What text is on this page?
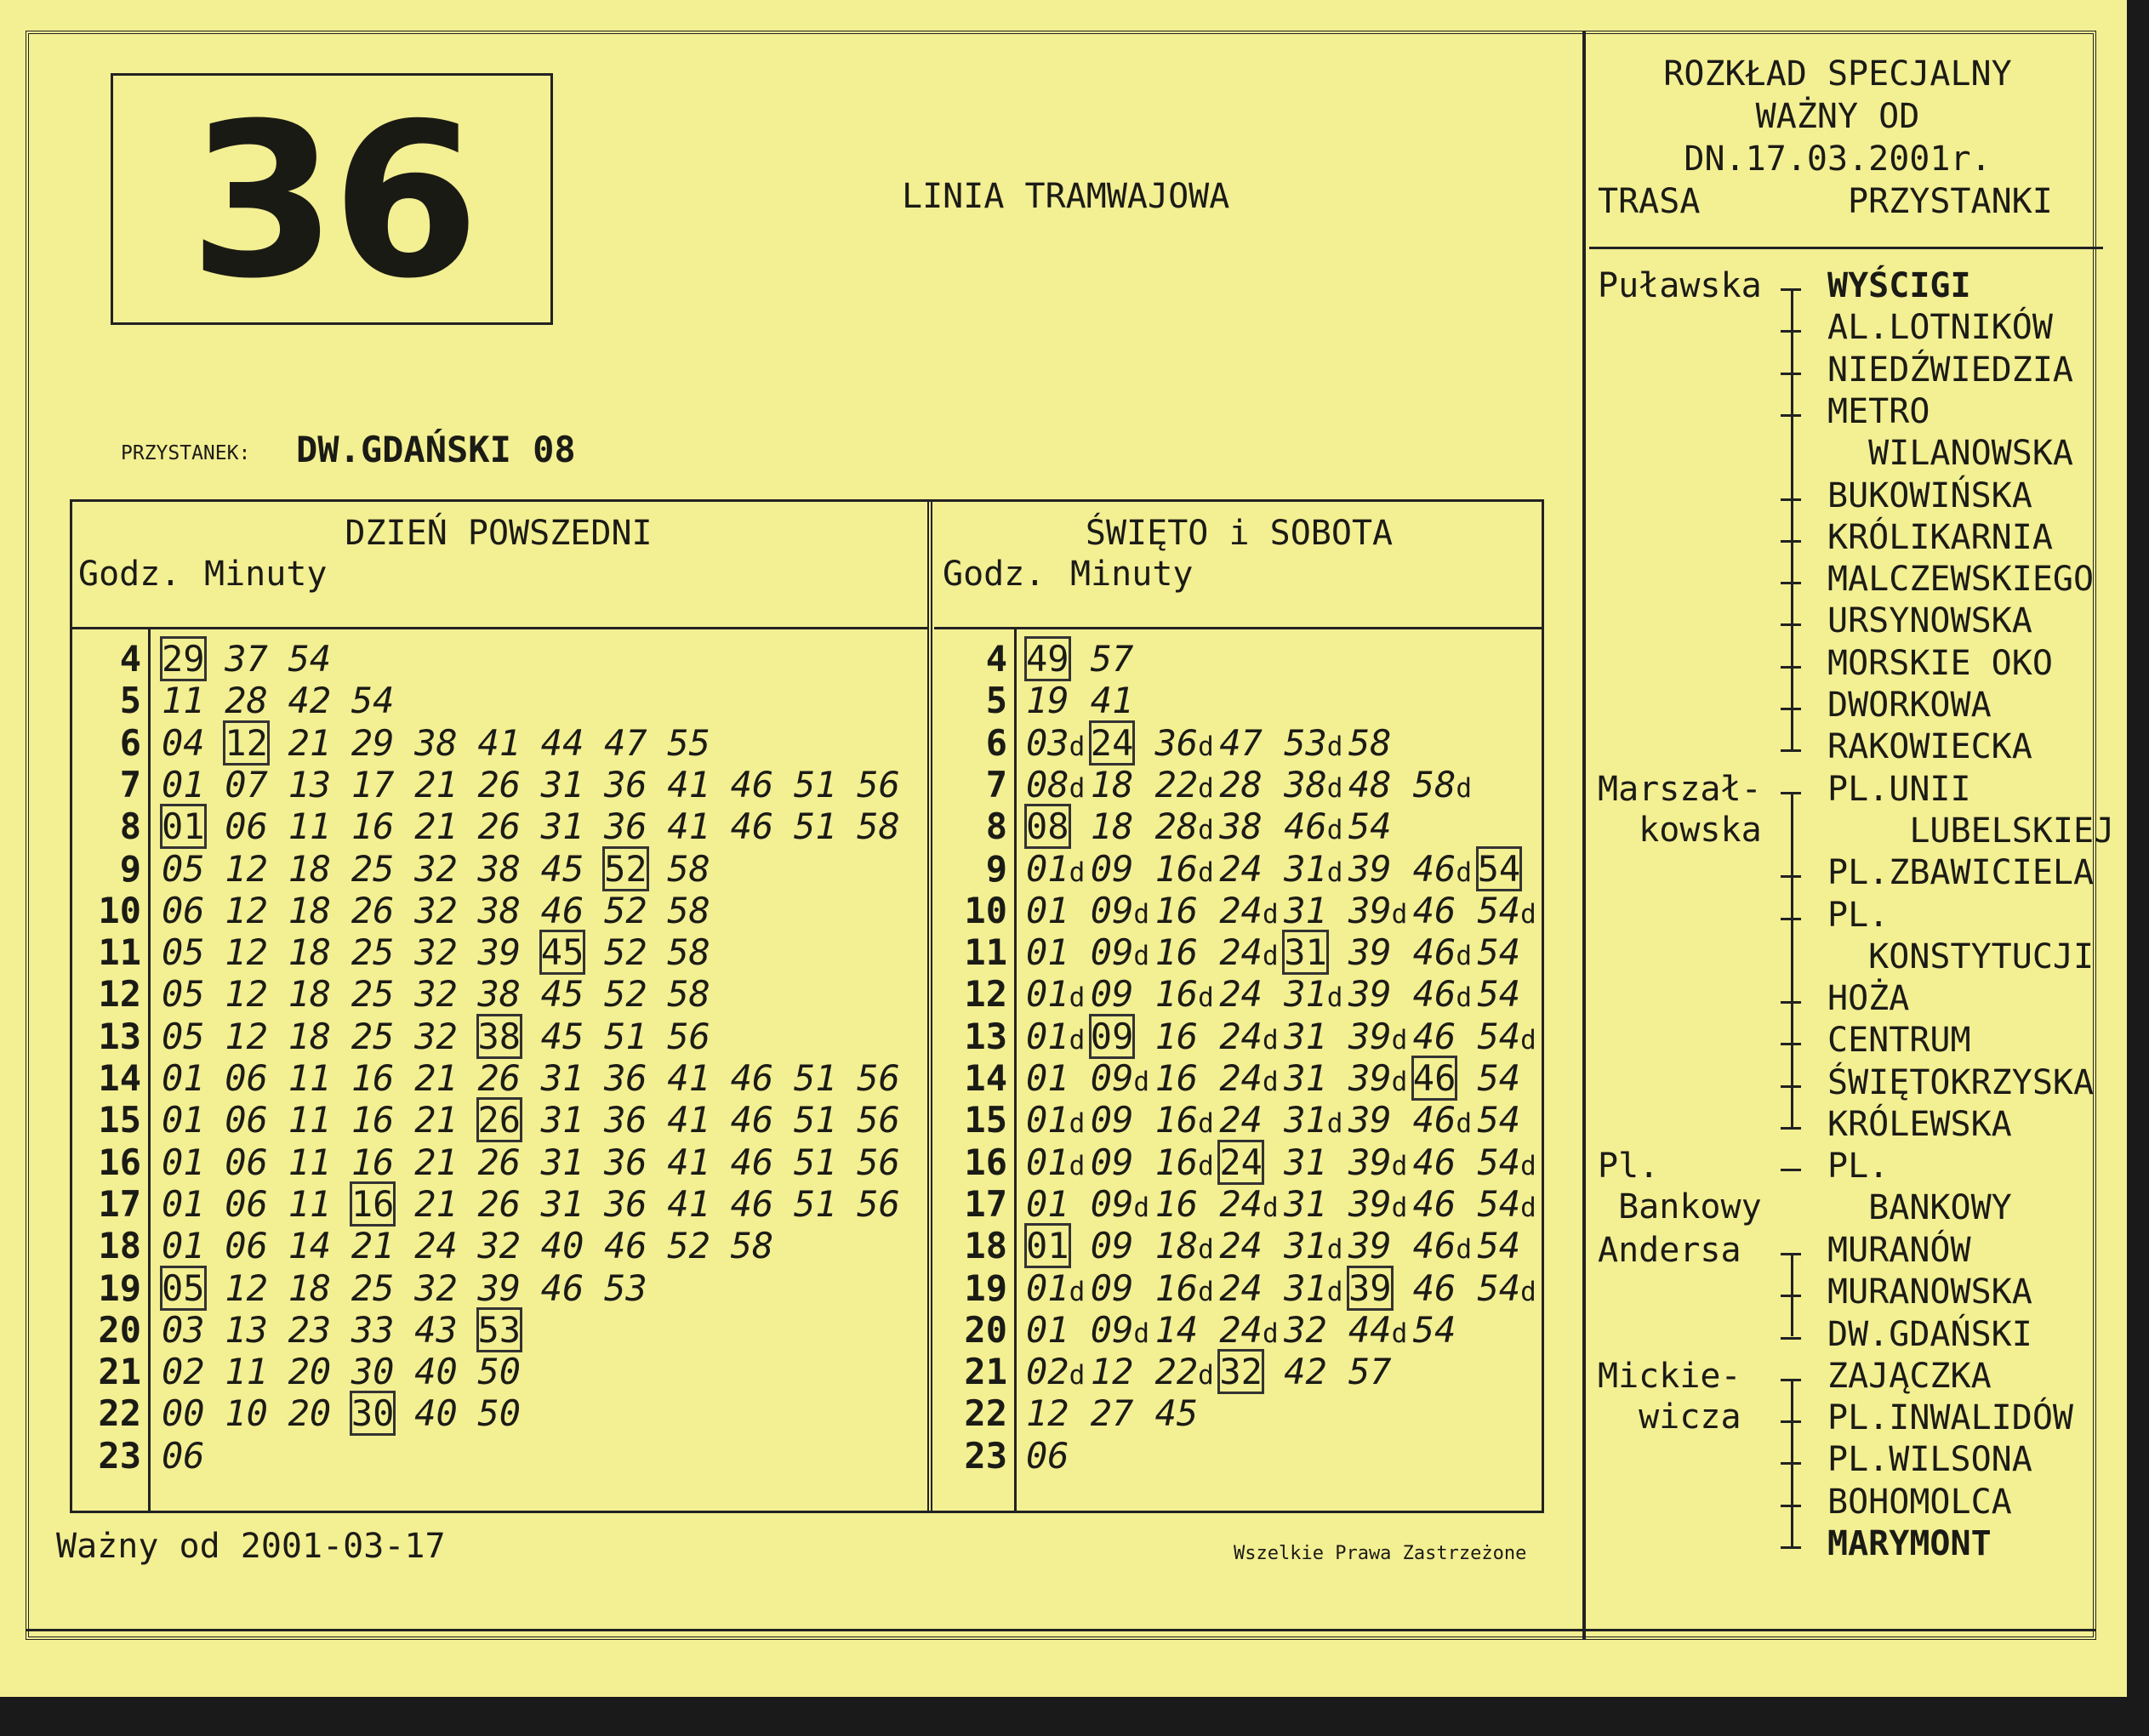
36	LINIA TRAMWAJOWA
PRZYSTANEK: DW.GDAŃSKI 08
DZIEŃ POWSZEDNI
Godz. Minuty
ŚWIĘTO i SOBOTA
Godz. Minuty
4 29 37 54
5 11 28 42 54
6 04 12 21 29 38 41 44 47 55
7 01 07 13 17 21 26 31 36 41 46 51 56
8 01 06 11 16 21 26 31 36 41 46 51 58
9 05 12 18 25 32 38 45 52 58
10 06 12 18 26 32 38 46 52 58
11 05 12 18 25 32 39 45 52 58
12 05 12 18 25 32 38 45 52 58
13 05 12 18 25 32 38 45 51 56
14 01 06 11 16 21 26 31 36 41 46 51 56
15 01 06 11 16 21 26 31 36 41 46 51 56
16 01 06 11 16 21 26 31 36 41 46 51 56
17 01 06 11 16 21 26 31 36 41 46 51 56
18 01 06 14 21 24 32 40 46 52 58
19 05 12 18 25 32 39 46 53
20 03 13 23 33 43 53
21 02 11 20 30 40 50
22 00 10 20 30 40 50
23 06
4 49 57
5 19 41
6 03d 24 36d 47 53d 58
7 08d 18 22d 28 38d 48 58d
8 08 18 28d 38 46d 54
9 01d 09 16d 24 31d 39 46d 54
10 01 09d 16 24d 31 39d 46 54d
11 01 09d 16 24d 31 39 46d 54
12 01d 09 16d 24 31d 39 46d 54
13 01d 09 16 24d 31 39d 46 54d
14 01 09d 16 24d 31 39d 46 54
15 01d 09 16d 24 31d 39 46d 54
16 01d 09 16d 24 31 39d 46 54d
17 01 09d 16 24d 31 39d 46 54d
18 01 09 18d 24 31d 39 46d 54
19 01d 09 16d 24 31d 39 46 54d
20 01 09d 14 24d 32 44d 54
21 02d 12 22d 32 42 57
22 12 27 45
23 06
Ważny od 2001-03-17	Wszelkie Prawa Zastrzeżone
ROZKŁAD SPECJALNY
WAŻNY OD DN.17.03.2001r.
TRASA	PRZYSTANKI
WYŚCIGI
AL.LOTNIKÓW
NIEDŹWIEDZIA
METRO
WILANOWSKA
BUKOWIŃSKA
KRÓLIKARNIA
MALCZEWSKIEGO
URSYNOWSKA
MORSKIE OKO
DWORKOWA
RAKOWIECKA
PL.UNII
LUBELSKIEJ
PL.ZBAWICIELA
PL.
KONSTYTUCJI
HOŻA
CENTRUM
ŚWIĘTOKRZYSKA
KRÓLEWSKA
PL.
BANKOWY
MURANÓW
MURANOWSKA
DW.GDAŃSKI
ZAJĄCZKA
PL.INWALIDÓW
PL.WILSONA
BOHOMOLCA
MARYMONT
Puławska
Marszał-
kowska
Pl.
Bankowy
Andersa
Mickie-
wicza
